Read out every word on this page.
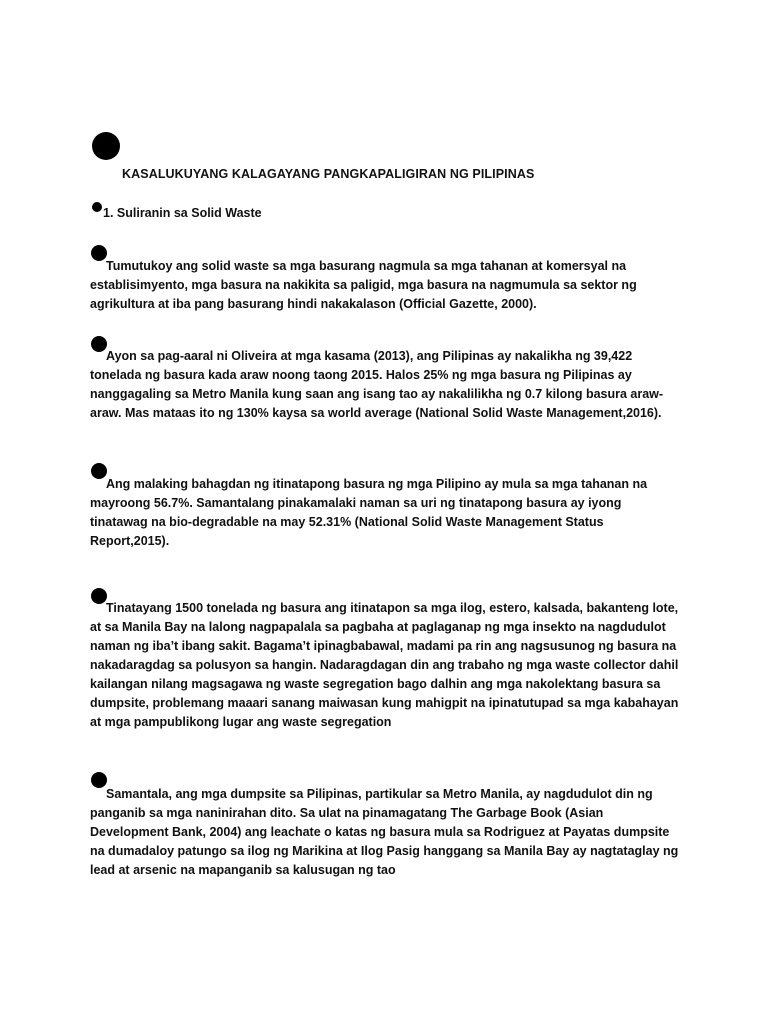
KASALUKUYANG KALAGAYANG PANGKAPALIGIRAN NG PILIPINAS
1. Suliranin sa Solid Waste

Tumutukoy ang solid waste sa mga basurang nagmula sa mga tahanan at komersyal na establisimyento, mga basura na nakikita sa paligid, mga basura na nagmumula sa sektor ng agrikultura at iba pang basurang hindi nakakalason (Official Gazette, 2000).

Ayon sa pag-aaral ni Oliveira at mga kasama (2013), ang Pilipinas ay nakalikha ng 39,422 tonelada ng basura kada araw noong taong 2015. Halos 25% ng mga basura ng Pilipinas ay nanggagaling sa Metro Manila kung saan ang isang tao ay nakalilikha ng 0.7 kilong basura araw-araw. Mas mataas ito ng 130% kaysa sa world average (National Solid Waste Management,2016).

Ang malaking bahagdan ng itinatapong basura ng mga Pilipino ay mula sa mga tahanan na mayroong 56.7%. Samantalang pinakamalaki naman sa uri ng tinatapong basura ay iyong tinatawag na bio-degradable na may 52.31% (National Solid Waste Management Status Report,2015).

Tinatayang 1500 tonelada ng basura ang itinatapon sa mga ilog, estero, kalsada, bakanteng lote, at sa Manila Bay na lalong nagpapalala sa pagbaha at paglaganap ng mga insekto na nagdudulot naman ng iba’t ibang sakit. Bagama’t ipinagbabawal, madami pa rin ang nagsusunog ng basura na nakadaragdag sa polusyon sa hangin. Nadaragdagan din ang trabaho ng mga waste collector dahil kailangan nilang magsagawa ng waste segregation bago dalhin ang mga nakolektang basura sa dumpsite, problemang maaari sanang maiwasan kung mahigpit na ipinatutupad sa mga kabahayan at mga pampublikong lugar ang waste segregation

Samantala, ang mga dumpsite sa Pilipinas, partikular sa Metro Manila, ay nagdudulot din ng panganib sa mga naninirahan dito. Sa ulat na pinamagatang The Garbage Book (Asian Development Bank, 2004) ang leachate o katas ng basura mula sa Rodriguez at Payatas dumpsite na dumadaloy patungo sa ilog ng Marikina at Ilog Pasig hanggang sa Manila Bay ay nagtataglay ng lead at arsenic na mapanganib sa kalusugan ng tao
